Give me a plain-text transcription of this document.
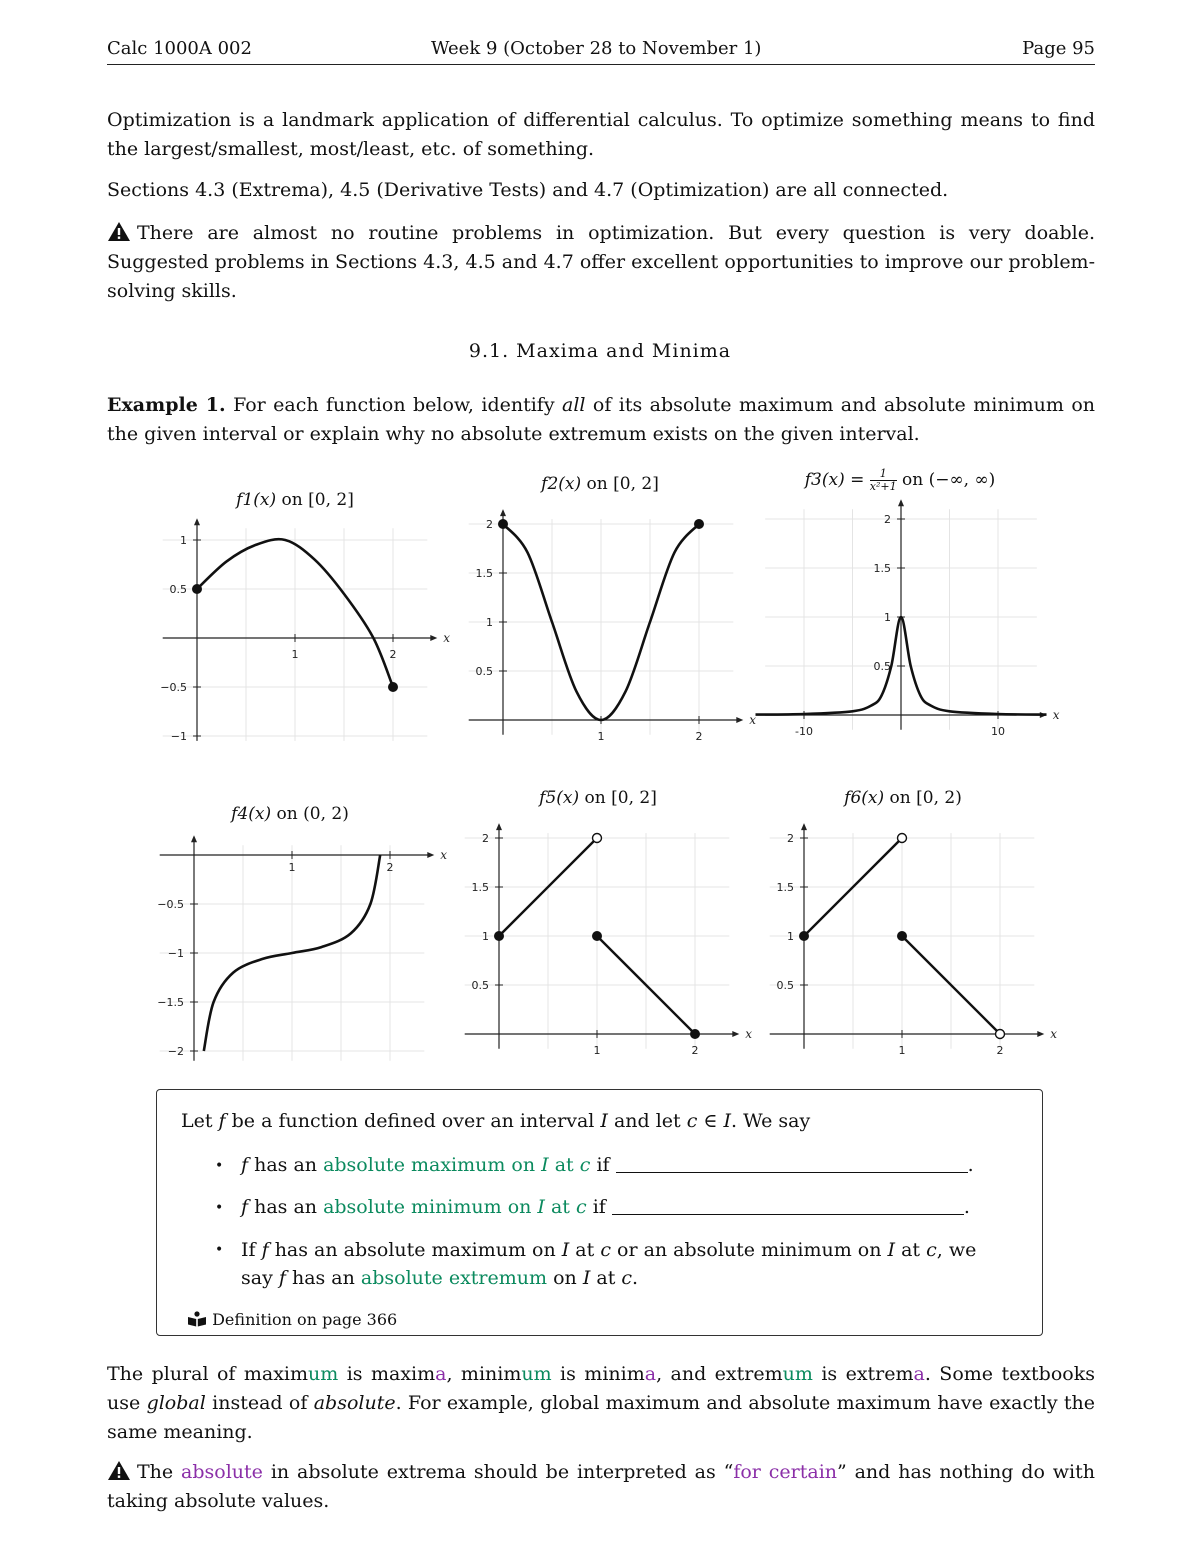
Calc 1000A 002	Week 9 (October 28 to November 1)	Page 95
Optimization is a landmark application of differential calculus. To optimize something means to find the largest/smallest, most/least, etc. of something.
Sections 4.3 (Extrema), 4.5 (Derivative Tests) and 4.7 (Optimization) are all connected.
There are almost no routine problems in optimization. But every question is very doable. Suggested problems in Sections 4.3, 4.5 and 4.7 offer excellent opportunities to improve our problem-solving skills.
9.1. Maxima and Minima
Example 1. For each function below, identify all of its absolute maximum and absolute minimum on the given interval or explain why no absolute extremum exists on the given interval.
f1(x) on [0, 2]
f2(x) on [0, 2]	$f3(x) = \frac{1}{\text{x²+1}}$ on (−∞, ∞)
f4(x) on (0, 2)
f5(x) on [0, 2]	f6(x) on [0, 2)
x
1	2
−1
−0.5
0.5
1
x
1	2
0.5
1
1.5
2
x
-10	10
0.5
1
1.5
2
x
1	2
−0.5
−1
−1.5
−2
x
1	2
0.5
1
1.5
2
x
1	2
0.5
1
1.5
2
Let f be a function defined over an interval I and let c ∈ I. We say
• f has an absolute maximum on I at c if	.
• f has an absolute minimum on I at c if	.
• If f has an absolute maximum on I at c or an absolute minimum on I at c, we
say f has an absolute extremum on I at c.
Definition on page 366
The plural of maximum is maxima, minimum is minima, and extremum is extrema. Some textbooks use global instead of absolute. For example, global maximum and absolute maximum have exactly the same meaning.
The absolute in absolute extrema should be interpreted as “for certain” and has nothing do with taking absolute values.
